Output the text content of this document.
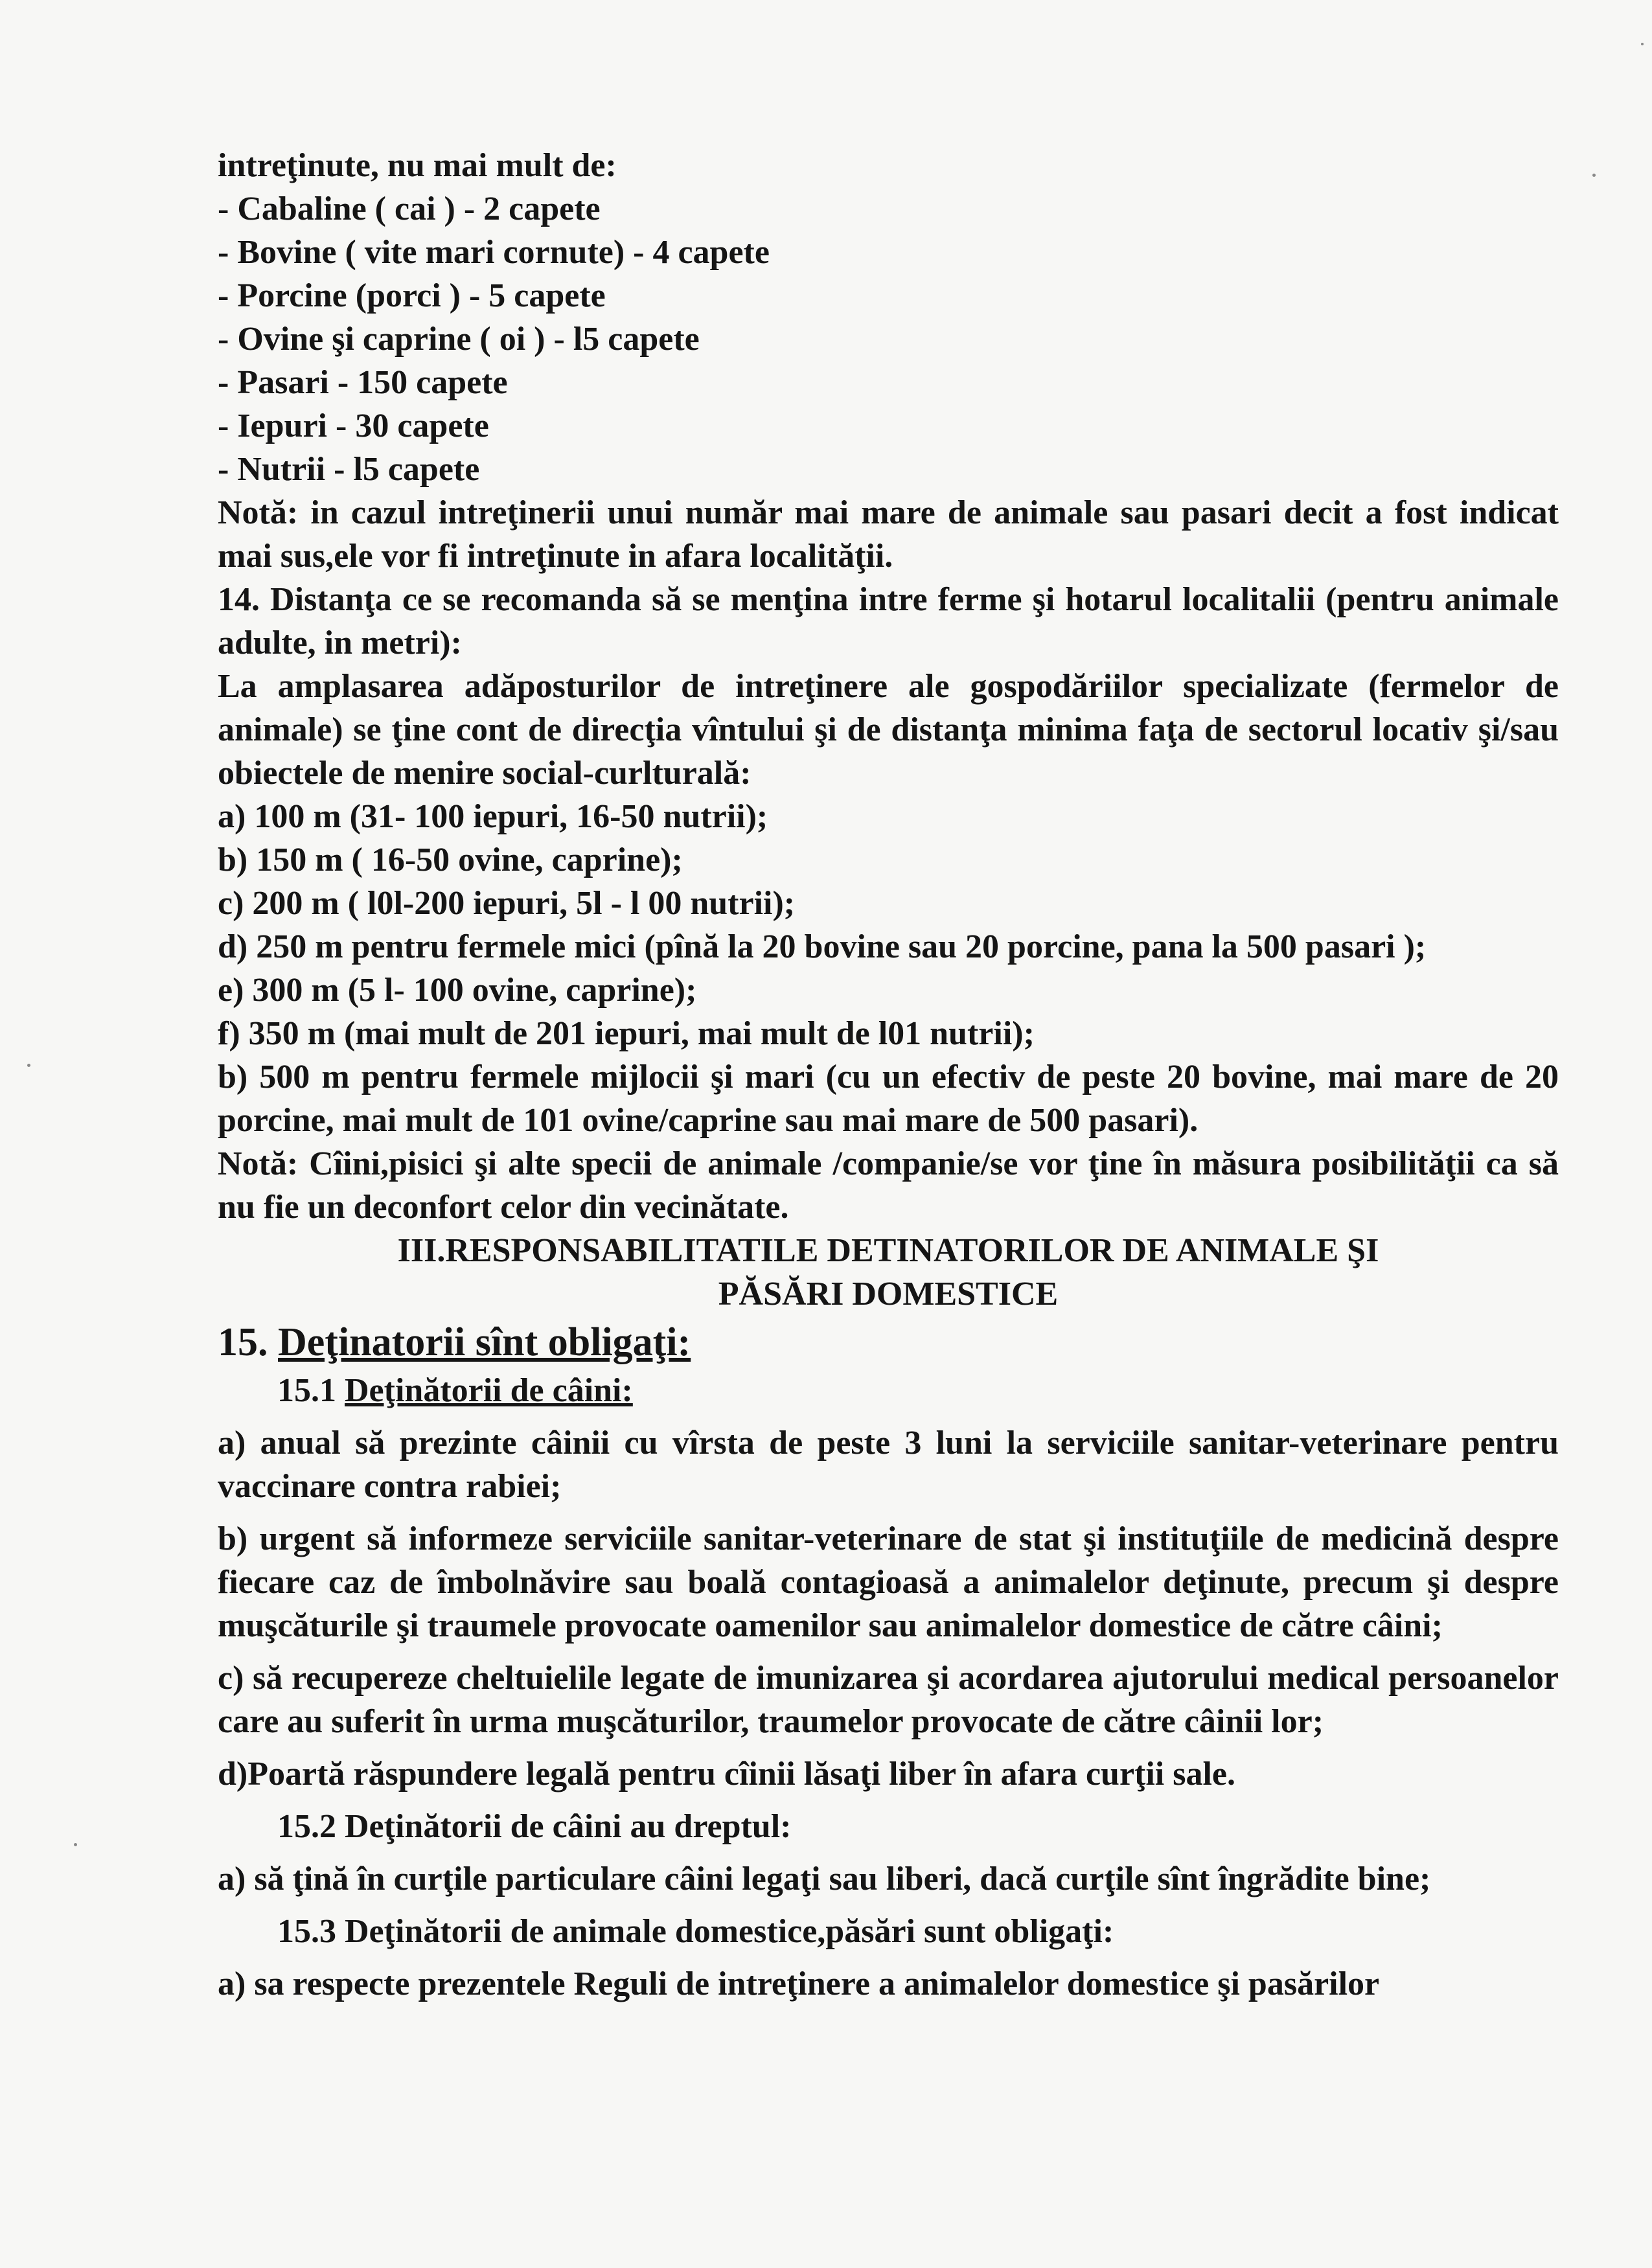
intreţinute, nu mai mult de:

- Cabaline ( cai ) - 2 capete

- Bovine ( vite mari cornute) - 4 capete

- Porcine (porci ) - 5 capete

- Ovine şi caprine ( oi ) - l5 capete

- Pasari - 150 capete

- Iepuri - 30 capete

- Nutrii - l5 capete

Notă: in cazul intreţinerii unui număr mai mare de animale sau pasari decit a fost indicat mai sus,ele vor fi intreţinute in afara localităţii.

14. Distanţa ce se recomanda să se menţina intre ferme şi hotarul localitalii (pentru animale adulte, in metri):

La amplasarea adăposturilor de intreţinere ale gospodăriilor specializate (fermelor de animale) se ţine cont de direcţia vîntului şi de distanţa minima faţa de sectorul locativ şi/sau obiectele de menire social-curlturală:

a) 100 m (31- 100 iepuri, 16-50 nutrii);

b) 150 m ( 16-50 ovine, caprine);

c) 200 m ( l0l-200 iepuri, 5l - l 00 nutrii);

d) 250 m pentru fermele mici (pînă la 20 bovine sau 20 porcine, pana la 500 pasari );

e) 300 m (5 l- 100 ovine, caprine);

f) 350 m (mai mult de 201 iepuri, mai mult de l01 nutrii);

b) 500 m pentru fermele mijlocii şi mari (cu un efectiv de peste 20 bovine, mai mare de 20 porcine, mai mult de 101 ovine/caprine sau mai mare de 500 pasari).

Notă: Cîini,pisici şi alte specii de animale /companie/se vor ţine în măsura posibilităţii ca să nu fie un deconfort celor din vecinătate.

III.RESPONSABILITATILE DETINATORILOR DE ANIMALE ŞI

PĂSĂRI DOMESTICE

15. Deţinatorii sînt obligaţi:

15.1 Deţinătorii de câini:

a) anual să prezinte câinii cu vîrsta de peste 3 luni la serviciile sanitar-veterinare pentru vaccinare contra rabiei;

b) urgent să informeze serviciile sanitar-veterinare de stat şi instituţiile de medicină despre fiecare caz de îmbolnăvire sau boală contagioasă a animalelor deţinute, precum şi despre muşcăturile şi traumele provocate oamenilor sau animalelor domestice de către câini;

c) să recupereze cheltuielile legate de imunizarea şi acordarea ajutorului medical persoanelor care au suferit în urma muşcăturilor, traumelor provocate de către câinii lor;

d)Poartă răspundere legală pentru cîinii lăsaţi liber în afara curţii sale.

15.2 Deţinătorii de câini au dreptul:

a) să ţină în curţile particulare câini legaţi sau liberi, dacă curţile sînt îngrădite bine;

15.3 Deţinătorii de animale domestice,păsări sunt obligaţi:

a) sa respecte prezentele Reguli de intreţinere a animalelor domestice şi pasărilor
